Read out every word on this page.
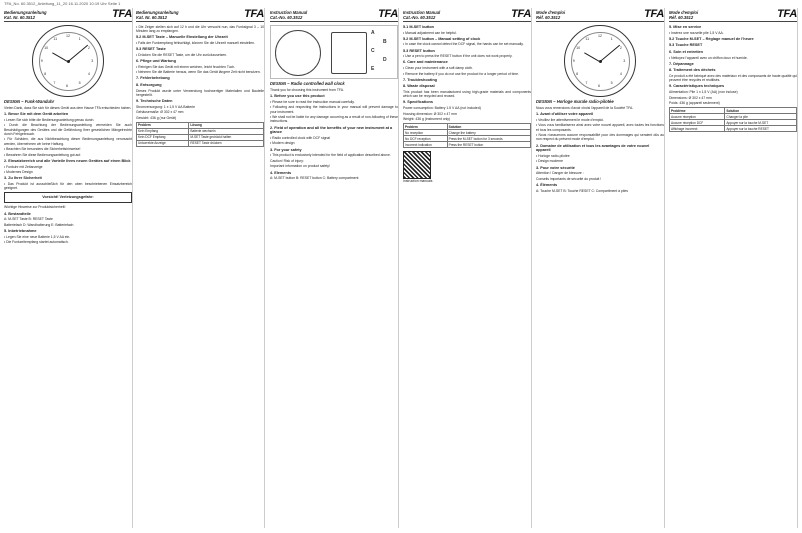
TFA_No. 60.3512_Anleitung_11_20 16.11.2020 10:19 Uhr Seite 1
Bedienungsanleitung
Kat. Nr. 60.3512	TFA
1
2
3
4
5
6
7
8
9
10
11
12
DESIGN – Funk-Wanduhr

Vielen Dank, dass Sie sich für dieses Gerät aus dem Hause TFA entschieden haben.

1. Bevor Sie mit dem Gerät arbeiten

• Lesen Sie sich bitte die Bedienungsanleitung genau durch.

• Durch die Beachtung der Bedienungsanleitung vermeiden Sie auch Beschädigungen des Gerätes und die Gefährdung Ihrer gesetzlichen Mängelrechte durch Fehlgebrauch.

• Für Schäden, die aus Nichtbeachtung dieser Bedienungsanleitung verursacht werden, übernehmen wir keine Haftung.

• Beachten Sie besonders die Sicherheitshinweise!

• Bewahren Sie diese Bedienungsanleitung gut auf.

2. Einsatzbereich und alle Vorteile Ihres neuen Gerätes auf einen Blick

• Funkuhr mit Zeitanzeige

• Modernes Design

3. Zu Ihrer Sicherheit

• Das Produkt ist ausschließlich für den oben beschriebenen Einsatzbereich geeignet.

Vorsicht! Verletzungsgefahr:

Wichtige Hinweise zur Produktsicherheit!

4. Bestandteile

A: M-SET Taste B: RESET Taste

Batteriefach D: Wandhalterung E: Batteriefach

5. Inbetriebnahme

• Legen Sie eine neue Batterie 1,5 V AA ein.

• Die Funkzeitempfang startet automatisch.

Bedienungsanleitung
Kat. Nr. 60.3512	TFA

• Die Zeiger stellen sich auf 12 h und die Uhr versucht nun, das Funksignal 3 – 10 Minuten lang zu empfangen.

5.2 M-SET Taste – Manuelle Einstellung der Uhrzeit

• Falls der Funkempfang fehlschlägt, können Sie die Uhrzeit manuell einstellen.

5.3 RESET Taste

• Drücken Sie die RESET Taste, um die Uhr zurückzusetzen.

6. Pflege und Wartung

• Reinigen Sie das Gerät mit einem weichen, leicht feuchten Tuch.

• Nehmen Sie die Batterie heraus, wenn Sie das Gerät längere Zeit nicht benutzen.

7. Fehlerbehebung

8. Entsorgung

Dieses Produkt wurde unter Verwendung hochwertiger Materialien und Bauteile hergestellt.

9. Technische Daten

Stromversorgung: 1 x 1,5 V AA Batterie

Gehäusemaße: Ø 302 x 47 mm

Gewicht: 436 g (nur Gerät)

Problem	Lösung
Kein Empfang	Batterie wechseln
Kein DCF Empfang	M-SET Taste gedrückt halten
Unkorrekte Anzeige	RESET Taste drücken
Instruction Manual
Cat.-No. 60.3512	TFA
A
B
C
D
E
DESIGN – Radio controlled wall clock

Thank you for choosing this instrument from TFA.

1. Before you use this product

• Please be sure to read the instruction manual carefully.

• Following and respecting the instructions in your manual will prevent damage to your instrument.

• We shall not be liable for any damage occurring as a result of non-following of these instructions.

2. Field of operation and all the benefits of your new instrument at a glance

• Radio controlled clock with DCF signal

• Modern design

3. For your safety

• This product is exclusively intended for the field of application described above.

Caution! Risk of injury:

Important information on product safety!

4. Elements

A: M-SET button B: RESET button C: Battery compartment

Instruction Manual
Cat.-No. 60.3512	TFA

5.1 M-SET button

• Manual adjustment can be helpful.

5.2 M-SET button – Manual setting of clock

• In case the clock cannot detect the DCF signal, the hands can be set manually.

5.3 RESET button

• Use a pen to press the RESET button if the unit does not work properly.

6. Care and maintenance

• Clean your instrument with a soft damp cloth.

• Remove the battery if you do not use the product for a longer period of time.

7. Troubleshooting

8. Waste disposal

This product has been manufactured using high-grade materials and components which can be recycled and reused.

9. Specifications

Power consumption: Battery 1.5 V AA (not included)

Housing dimension: Ø 302 x 47 mm

Weight: 436 g (instrument only)

Problem	Solution
No reception	Change the battery
No DCF reception	Press the M-SET button for 3 seconds
Incorrect indication	Press the RESET button
Instruction manuals
Mode d'emploi
Réf. 60.3512	TFA
1
2
3
4
5
6
7
8
9
10
11
12
DESIGN – Horloge murale radio-pilotée

Nous vous remercions d'avoir choisi l'appareil de la Société TFA.

1. Avant d'utiliser votre appareil

• Veuillez lire attentivement le mode d'emploi.

• Vous vous familiariserez ainsi avec votre nouvel appareil, avec toutes les fonctions et tous les composants.

• Nous n'assumons aucune responsabilité pour des dommages qui seraient dûs au non respect du présent mode d'emploi.

2. Domaine de utilisation et tous les avantages de votre nouvel appareil

• Horloge radio-pilotée

• Design moderne

3. Pour votre sécurité

Attention ! Danger de blessure :

Conseils importants de sécurité du produit !

4. Éléments

A: Touche M-SET B: Touche RESET C: Compartiment à piles

Mode d'emploi
Réf. 60.3512	TFA

5. Mise en service

• Insérez une nouvelle pile 1,5 V AA.

5.2 Touche M-SET – Réglage manuel de l'heure

5.3 Touche RESET

6. Soin et entretien

• Nettoyez l'appareil avec un chiffon doux et humide.

7. Dépannage

8. Traitement des déchets

Ce produit a été fabriqué avec des matériaux et des composants de haute qualité qui peuvent être recyclés et réutilisés.

9. Caractéristiques techniques

Alimentation: Pile 1 x 1,5 V (AA) (non incluse)

Dimensions: Ø 302 x 47 mm

Poids: 436 g (appareil seulement)

Problème	Solution
Aucune réception	Changer la pile
Aucune réception DCF	Appuyer sur la touche M-SET
Affichage incorrect	Appuyer sur la touche RESET
